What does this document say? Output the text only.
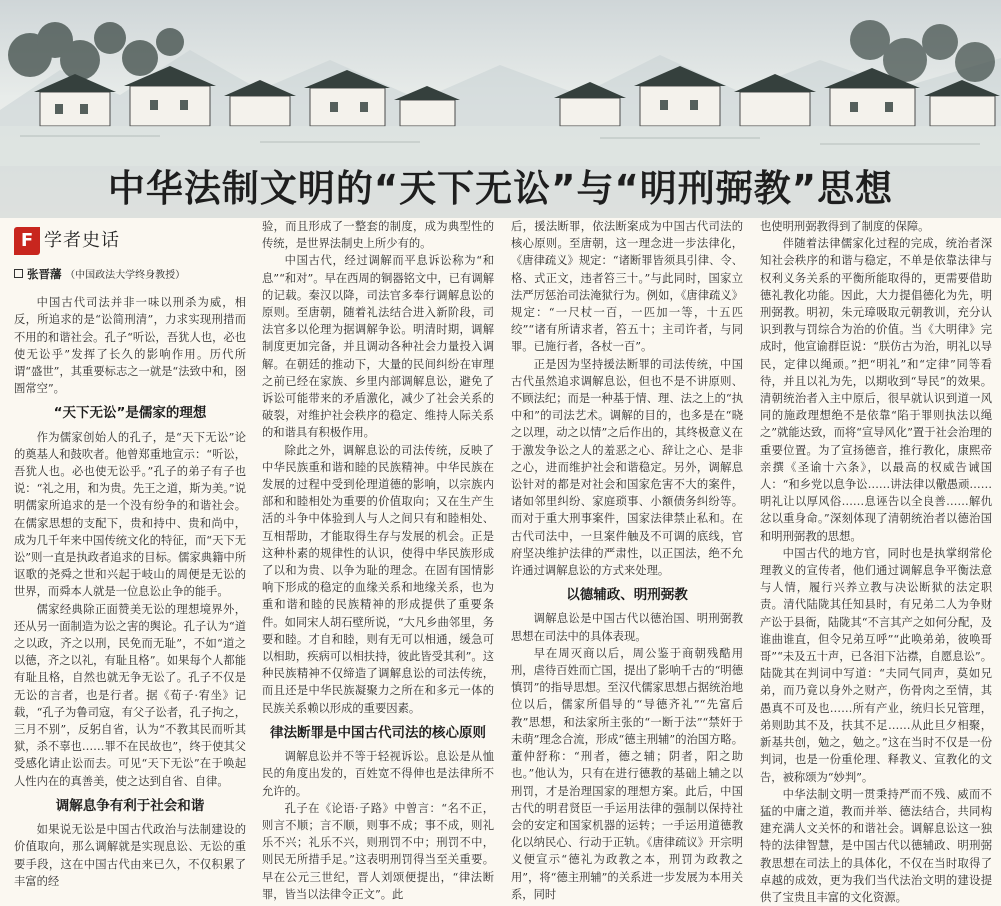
中华法制文明的“天下无讼”与“明刑弼教”思想
F 学者史话
张晋藩 （中国政法大学终身教授）

中国古代司法并非一味以刑杀为威，相反，所追求的是“讼简刑清”，力求实现刑措而不用的和谐社会。孔子“听讼，吾犹人也，必也使无讼乎”发挥了长久的影响作用。历代所谓“盛世”，其重要标志之一就是“法致中和，囹圄常空”。

“天下无讼”是儒家的理想

作为儒家创始人的孔子，是“天下无讼”论的奠基人和鼓吹者。他曾郑重地宣示：“听讼，吾犹人也。必也使无讼乎。”孔子的弟子有子也说：“礼之用，和为贵。先王之道，斯为美。”说明儒家所追求的是一个没有纷争的和谐社会。在儒家思想的支配下，贵和持中、贵和尚中，成为几千年来中国传统文化的特征，而“天下无讼”则一直是执政者追求的目标。儒家典籍中所讴歌的尧舜之世和兴起于岐山的周便是无讼的世界，而舜本人就是一位息讼止争的能手。

儒家经典除正面赞美无讼的理想境界外，还从另一面制造为讼之害的舆论。孔子认为“道之以政，齐之以刑，民免而无耻”，不如“道之以德，齐之以礼，有耻且格”。如果每个人都能有耻且格，自然也就无争无讼了。孔子不仅是无讼的言者，也是行者。据《荀子·宥坐》记载，“孔子为鲁司寇，有父子讼者，孔子拘之，三月不别”，反躬自省，认为“不教其民而听其狱，杀不辜也……罪不在民故也”，终于使其父受感化请止讼而去。可见“天下无讼”在于唤起人性内在的真善美，使之达到自省、自律。

调解息争有利于社会和谐

如果说无讼是中国古代政治与法制建设的价值取向，那么调解就是实现息讼、无讼的重要手段，这在中国古代由来已久，不仅积累了丰富的经

验，而且形成了一整套的制度，成为典型性的传统，是世界法制史上所少有的。

中国古代，经过调解而平息诉讼称为“和息”“和对”。早在西周的铜器铭文中，已有调解的记载。秦汉以降，司法官多奉行调解息讼的原则。至唐朝，随着礼法结合进入新阶段，司法官多以伦理为据调解争讼。明清时期，调解制度更加完备，并且调动各种社会力量投入调解。在朝廷的推动下，大量的民间纠纷在审理之前已经在家族、乡里内部调解息讼，避免了诉讼可能带来的矛盾激化，减少了社会关系的破裂，对维护社会秩序的稳定、维持人际关系的和谐具有积极作用。

除此之外，调解息讼的司法传统，反映了中华民族重和谐和睦的民族精神。中华民族在发展的过程中受到伦理道德的影响，以宗族内部和和睦相处为重要的价值取向；又在生产生活的斗争中体验到人与人之间只有和睦相处、互相帮助，才能取得生存与发展的机会。正是这种朴素的规律性的认识，使得中华民族形成了以和为贵、以争为耻的理念。在固有国情影响下形成的稳定的血缘关系和地缘关系，也为重和谐和睦的民族精神的形成提供了重要条件。如同宋人胡石壁所说，“大凡乡曲邻里，务要和睦。才自和睦，则有无可以相通，缓急可以相助，疾病可以相扶持，彼此皆受其利”。这种民族精神不仅缔造了调解息讼的司法传统，而且还是中华民族凝聚力之所在和多元一体的民族关系赖以形成的重要因素。

律法断罪是中国古代司法的核心原则

调解息讼并不等于轻视诉讼。息讼是从恤民的角度出发的，百姓宽不得伸也是法律所不允许的。

孔子在《论语·子路》中曾言：“名不正，则言不顺；言不顺，则事不成；事不成，则礼乐不兴；礼乐不兴，则刑罚不中；刑罚不中，则民无所措手足。”这表明刑罚得当至关重要。早在公元三世纪，晋人刘颂便提出，“律法断罪，皆当以法律令正文”。此

后，援法断罪，依法断案成为中国古代司法的核心原则。至唐朝，这一理念进一步法律化，《唐律疏义》规定：“诸断罪皆须具引律、令、格、式正文，违者笞三十。”与此同时，国家立法严厉惩治司法淹狱行为。例如，《唐律疏义》规定：“一尺杖一百，一匹加一等，十五匹绞”“诸有所请求者，笞五十；主司许者，与同罪。已施行者，各杖一百”。

正是因为坚持援法断罪的司法传统，中国古代虽然追求调解息讼，但也不是不讲原则、不顾法纪；而是一种基于情、理、法之上的“执中和”的司法艺术。调解的目的，也多是在“晓之以理，动之以情”之后作出的，其终极意义在于激发争讼之人的羞恶之心、辞让之心、是非之心，进而维护社会和谐稳定。另外，调解息讼针对的都是对社会和国家危害不大的案件，诸如邻里纠纷、家庭琐事、小额债务纠纷等。而对于重大刑事案件，国家法律禁止私和。在古代司法中，一旦案件触及不可调的底线，官府坚决维护法律的严肃性，以正国法，绝不允许通过调解息讼的方式来处理。

以德辅政、明刑弼教

调解息讼是中国古代以德治国、明刑弼教思想在司法中的具体表现。

早在周灭商以后，周公鉴于商朝残酷用刑，虐待百姓而亡国，提出了影响千古的“明德慎罚”的指导思想。至汉代儒家思想占据统治地位以后，儒家所倡导的“导德齐礼”“先富后教”思想，和法家所主张的“一断于法”“禁奸于未萌”理念合流，形成“德主刑辅”的治国方略。董仲舒称：“刑者，德之辅；阴者，阳之助也。”他认为，只有在进行德教的基础上辅之以刑罚，才是治理国家的理想方案。此后，中国古代的明君贤臣一手运用法律的强制以保持社会的安定和国家机器的运转；一手运用道德教化以纳民心、行动于正轨。《唐律疏议》开宗明义便宣示“德礼为政教之本，刑罚为政教之用”，将“德主刑辅”的关系进一步发展为本用关系，同时

也使明刑弼教得到了制度的保障。

伴随着法律儒家化过程的完成，统治者深知社会秩序的和谐与稳定，不单是依靠法律与权利义务关系的平衡所能取得的，更需要借助德礼教化功能。因此，大力提倡德化为先，明刑弼教。明初，朱元璋吸取元朝教训，充分认识到教与罚综合为治的价值。当《大明律》完成时，他宣谕群臣说：“朕仿古为治，明礼以导民，定律以绳顽。”把“明礼”和“定律”同等看待，并且以礼为先，以期收到“导民”的效果。清朝统治者入主中原后，很早就认识到道一风同的施政理想绝不是依靠“陷于罪则执法以绳之”就能达致，而将“宣导风化”置于社会治理的重要位置。为了宣扬德音，推行教化，康熙帝亲撰《圣谕十六条》，以最高的权威告诫国人：“和乡党以息争讼……讲法律以儆愚顽……明礼让以厚风俗……息诬告以全良善……解仇忿以重身命。”深刻体现了清朝统治者以德治国和明刑弼教的思想。

中国古代的地方官，同时也是执掌纲常伦理教义的宣传者，他们通过调解息争平衡法意与人情，履行兴养立教与决讼断狱的法定职责。清代陆陇其任知县时，有兄弟二人为争财产讼于县衙，陆陇其“不言其产之如何分配，及谁曲谁直，但令兄弟互呼”“此唤弟弟，彼唤哥哥”“未及五十声，已各泪下沾襟，自愿息讼”。陆陇其在判词中写道：“夫同气同声，莫如兄弟，而乃竟以身外之财产，伤骨肉之至情，其愚真不可及也……所有产业，统归长兄管理，弟则助其不及，扶其不足……从此旦夕相聚，新基共创，勉之，勉之。”这在当时不仅是一份判词，也是一份重伦理、释教义、宣教化的文告，被称颂为“妙判”。

中华法制文明一贯秉持严而不残、威而不猛的中庸之道，教而并举、德法结合，共同构建充满人文关怀的和谐社会。调解息讼这一独特的法律智慧，是中国古代以德辅政、明刑弼教思想在司法上的具体化，不仅在当时取得了卓越的成效，更为我们当代法治文明的建设提供了宝贵且丰富的文化资源。
